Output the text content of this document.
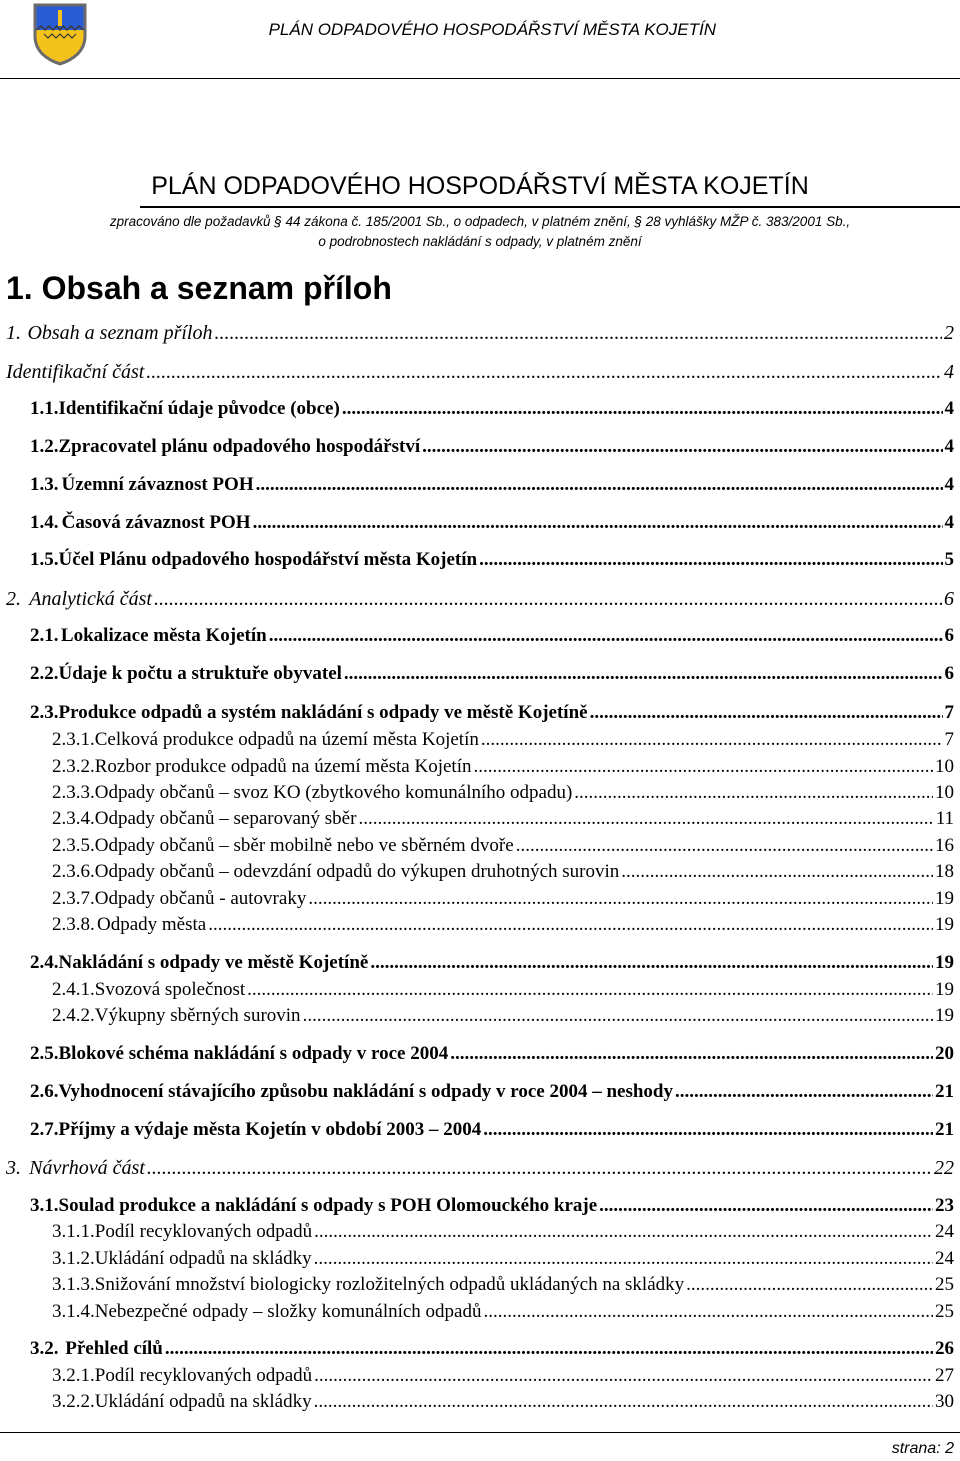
PLÁN ODPADOVÉHO HOSPODÁŘSTVÍ MĚSTA KOJETÍN
PLÁN ODPADOVÉHO HOSPODÁŘSTVÍ MĚSTA KOJETÍN
zpracováno dle požadavků § 44 zákona č. 185/2001 Sb., o odpadech, v platném znění, § 28 vyhlášky MŽP č. 383/2001 Sb.,
o podrobnostech nakládání s odpady, v platném znění
1. Obsah a seznam příloh
1. Obsah a seznam příloh .....	2
Identifikační část .....	4
1.1. Identifikační údaje původce (obce) .....	4
1.2. Zpracovatel plánu odpadového hospodářství .....	4
1.3. Územní závaznost POH .....	4
1.4. Časová závaznost POH .....	4
1.5. Účel Plánu odpadového hospodářství města Kojetín .....	5
2. Analytická část .....	6
2.1. Lokalizace města Kojetín .....	6
2.2. Údaje k počtu a struktuře obyvatel .....	6
2.3. Produkce odpadů a systém nakládání s odpady ve městě Kojetíně .....	7
2.3.1. Celková produkce odpadů na území města Kojetín .....	7
2.3.2. Rozbor produkce odpadů na území města Kojetín .....	10
2.3.3. Odpady občanů – svoz KO (zbytkového komunálního odpadu) .....	10
2.3.4. Odpady občanů – separovaný sběr .....	11
2.3.5. Odpady občanů – sběr mobilně nebo ve sběrném dvoře .....	16
2.3.6. Odpady občanů – odevzdání odpadů do výkupen druhotných surovin .....	18
2.3.7. Odpady občanů - autovraky .....	19
2.3.8. Odpady města .....	19
2.4. Nakládání s odpady ve městě Kojetíně .....	19
2.4.1. Svozová společnost .....	19
2.4.2. Výkupny sběrných surovin .....	19
2.5. Blokové schéma nakládání s odpady v roce 2004 .....	20
2.6. Vyhodnocení stávajícího způsobu nakládání s odpady v roce 2004 – neshody .....	21
2.7. Příjmy a výdaje města Kojetín v období 2003 – 2004 .....	21
3. Návrhová část .....	22
3.1. Soulad produkce a nakládání s odpady s POH Olomouckého kraje .....	23
3.1.1. Podíl recyklovaných odpadů .....	24
3.1.2. Ukládání odpadů na skládky .....	24
3.1.3. Snižování množství biologicky rozložitelných odpadů ukládaných na skládky .....	25
3.1.4. Nebezpečné odpady – složky komunálních odpadů .....	25
3.2. Přehled cílů .....	26
3.2.1. Podíl recyklovaných odpadů .....	27
3.2.2. Ukládání odpadů na skládky .....	30
strana: 2
